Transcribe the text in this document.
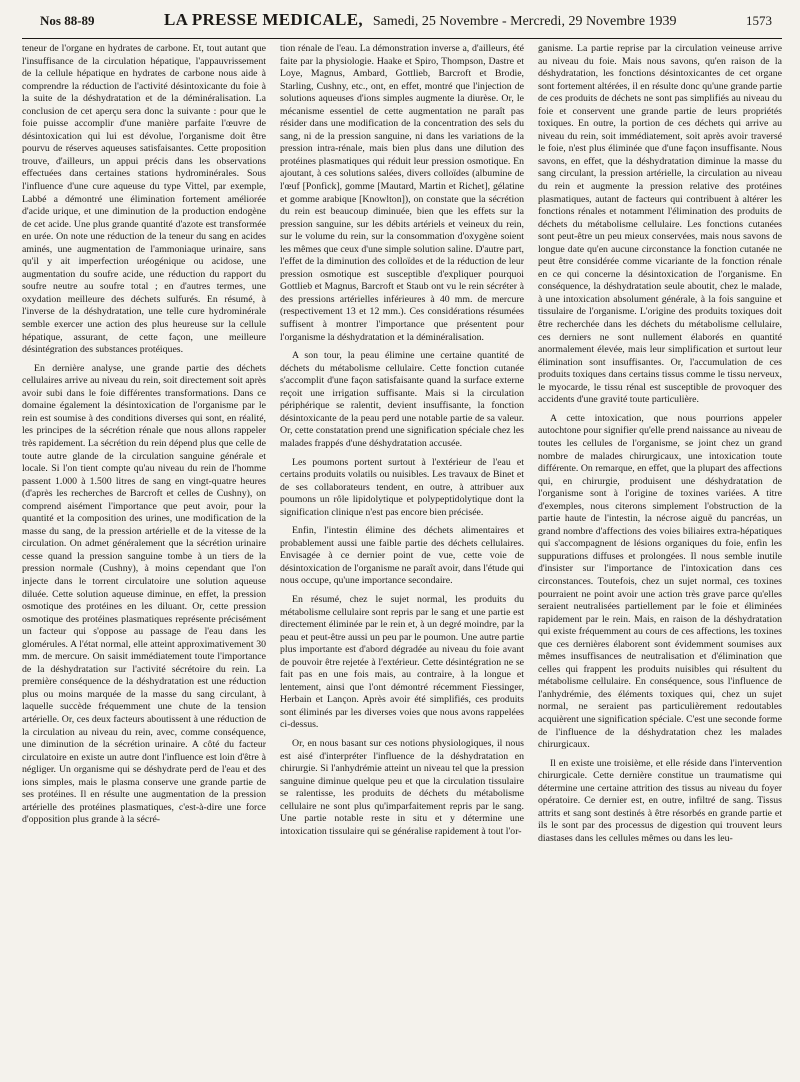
Nos 88-89	LA PRESSE MEDICALE, Samedi, 25 Novembre - Mercredi, 29 Novembre 1939	1573

teneur de l'organe en hydrates de carbone. Et, tout autant que l'insuffisance de la circulation hépatique, l'appauvrissement de la cellule hépatique en hydrates de carbone nous aide à comprendre la réduction de l'activité désintoxicante du foie à la suite de la déshydratation et de la déminéralisation. La conclusion de cet aperçu sera donc la suivante : pour que le foie puisse accomplir d'une manière parfaite l'œuvre de désintoxication qui lui est dévolue, l'organisme doit être pourvu de réserves aqueuses satisfaisantes. Cette proposition trouve, d'ailleurs, un appui précis dans les observations effectuées dans certaines stations hydrominérales. Sous l'influence d'une cure aqueuse du type Vittel, par exemple, Labbé a démontré une élimination fortement améliorée d'acide urique, et une diminution de la production endogène de cet acide. Une plus grande quantité d'azote est transformée en urée. On note une réduction de la teneur du sang en acides aminés, une augmentation de l'ammoniaque urinaire, sans qu'il y ait imperfection uréogénique ou acidose, une augmentation du soufre acide, une réduction du rapport du soufre neutre au soufre total ; en d'autres termes, une oxydation meilleure des déchets sulfurés. En résumé, à l'inverse de la déshydratation, une telle cure hydrominérale semble exercer une action des plus heureuse sur la cellule hépatique, assurant, de cette façon, une meilleure désintégration des substances protéiques.

En dernière analyse, une grande partie des déchets cellulaires arrive au niveau du rein, soit directement soit après avoir subi dans le foie différentes transformations. Dans ce domaine également la désintoxication de l'organisme par le rein est soumise à des conditions diverses qui sont, en réalité, les principes de la sécrétion rénale que nous allons rappeler très rapidement. La sécrétion du rein dépend plus que celle de toute autre glande de la circulation sanguine générale et locale. Si l'on tient compte qu'au niveau du rein de l'homme passent 1.000 à 1.500 litres de sang en vingt-quatre heures (d'après les recherches de Barcroft et celles de Cushny), on comprend aisément l'importance que peut avoir, pour la quantité et la composition des urines, une modification de la masse du sang, de la pression artérielle et de la vitesse de la circulation. On admet généralement que la sécrétion urinaire cesse quand la pression sanguine tombe à un tiers de la pression normale (Cushny), à moins cependant que l'on injecte dans le torrent circulatoire une solution aqueuse diluée. Cette solution aqueuse diminue, en effet, la pression osmotique des protéines en les diluant. Or, cette pression osmotique des protéines plasmatiques représente précisément un facteur qui s'oppose au passage de l'eau dans les glomérules. A l'état normal, elle atteint approximativement 30 mm. de mercure. On saisit immédiatement toute l'importance de la déshydratation sur l'activité sécrétoire du rein. La première conséquence de la déshydratation est une réduction plus ou moins marquée de la masse du sang circulant, à laquelle succède fréquemment une chute de la tension artérielle. Or, ces deux facteurs aboutissent à une réduction de la circulation au niveau du rein, avec, comme conséquence, une diminution de la sécrétion urinaire. A côté du facteur circulatoire en existe un autre dont l'influence est loin d'être à négliger. Un organisme qui se déshydrate perd de l'eau et des ions simples, mais le plasma conserve une grande partie de ses protéines. Il en résulte une augmentation de la pression artérielle des protéines plasmatiques, c'est-à-dire une force d'opposition plus grande à la sécré-

tion rénale de l'eau. La démonstration inverse a, d'ailleurs, été faite par la physiologie. Haake et Spiro, Thompson, Dastre et Loye, Magnus, Ambard, Gottlieb, Barcroft et Brodie, Starling, Cushny, etc., ont, en effet, montré que l'injection de solutions aqueuses d'ions simples augmente la diurèse. Or, le mécanisme essentiel de cette augmentation ne paraît pas résider dans une modification de la concentration des sels du sang, ni de la pression sanguine, ni dans les variations de la pression intra-rénale, mais bien plus dans une dilution des protéines plasmatiques qui réduit leur pression osmotique. En ajoutant, à ces solutions salées, divers colloïdes (albumine de l'œuf [Ponfick], gomme [Mautard, Martin et Richet], gélatine et gomme arabique [Knowlton]), on constate que la sécrétion du rein est beaucoup diminuée, bien que les effets sur la pression sanguine, sur les débits artériels et veineux du rein, sur le volume du rein, sur la consommation d'oxygène soient les mêmes que ceux d'une simple solution saline. D'autre part, l'effet de la diminution des colloïdes et de la réduction de leur pression osmotique est susceptible d'expliquer pourquoi Gottlieb et Magnus, Barcroft et Staub ont vu le rein sécréter à des pressions artérielles inférieures à 40 mm. de mercure (respectivement 13 et 12 mm.). Ces considérations résumées suffisent à montrer l'importance que présentent pour l'organisme la déshydratation et la déminéralisation.

A son tour, la peau élimine une certaine quantité de déchets du métabolisme cellulaire. Cette fonction cutanée s'accomplit d'une façon satisfaisante quand la surface externe reçoit une irrigation suffisante. Mais si la circulation périphérique se ralentit, devient insuffisante, la fonction désintoxicante de la peau perd une notable partie de sa valeur. Or, cette constatation prend une signification spéciale chez les malades frappés d'une déshydratation accusée.

Les poumons portent surtout à l'extérieur de l'eau et certains produits volatils ou nuisibles. Les travaux de Binet et de ses collaborateurs tendent, en outre, à attribuer aux poumons un rôle lipidolytique et polypeptidolytique dont la signification clinique n'est pas encore bien précisée.

Enfin, l'intestin élimine des déchets alimentaires et probablement aussi une faible partie des déchets cellulaires. Envisagée à ce dernier point de vue, cette voie de désintoxication de l'organisme ne paraît avoir, dans l'étude qui nous occupe, qu'une importance secondaire.

En résumé, chez le sujet normal, les produits du métabolisme cellulaire sont repris par le sang et une partie est directement éliminée par le rein et, à un degré moindre, par la peau et peut-être aussi un peu par le poumon. Une autre partie plus importante est d'abord dégradée au niveau du foie avant de pouvoir être rejetée à l'extérieur. Cette désintégration ne se fait pas en une fois mais, au contraire, à la longue et lentement, ainsi que l'ont démontré récemment Fiessinger, Herbain et Lançon. Après avoir été simplifiés, ces produits sont éliminés par les diverses voies que nous avons rappelées ci-dessus.

Or, en nous basant sur ces notions physiologiques, il nous est aisé d'interpréter l'influence de la déshydratation en chirurgie. Si l'anhydrémie atteint un niveau tel que la pression sanguine diminue quelque peu et que la circulation tissulaire se ralentisse, les produits de déchets du métabolisme cellulaire ne sont plus qu'imparfaitement repris par le sang. Une partie notable reste in situ et y détermine une intoxication tissulaire qui se généralise rapidement à tout l'or-

ganisme. La partie reprise par la circulation veineuse arrive au niveau du foie. Mais nous savons, qu'en raison de la déshydratation, les fonctions désintoxicantes de cet organe sont fortement altérées, il en résulte donc qu'une grande partie de ces produits de déchets ne sont pas simplifiés au niveau du foie et conservent une grande partie de leurs propriétés toxiques. En outre, la portion de ces déchets qui arrive au niveau du rein, soit immédiatement, soit après avoir traversé le foie, n'est plus éliminée que d'une façon insuffisante. Nous savons, en effet, que la déshydratation diminue la masse du sang circulant, la pression artérielle, la circulation au niveau du rein et augmente la pression relative des protéines plasmatiques, autant de facteurs qui contribuent à altérer les fonctions rénales et notamment l'élimination des produits de déchets du métabolisme cellulaire. Les fonctions cutanées sont peut-être un peu mieux conservées, mais nous savons de longue date qu'en aucune circonstance la fonction cutanée ne peut être considérée comme vicariante de la fonction rénale en ce qui concerne la désintoxication de l'organisme. En conséquence, la déshydratation seule aboutit, chez le malade, à une intoxication absolument générale, à la fois sanguine et tissulaire de l'organisme. L'origine des produits toxiques doit être recherchée dans les déchets du métabolisme cellulaire, ces derniers ne sont nullement élaborés en quantité anormalement élevée, mais leur simplification et surtout leur élimination sont insuffisantes. Or, l'accumulation de ces produits toxiques dans certains tissus comme le tissu nerveux, le myocarde, le tissu rénal est susceptible de provoquer des accidents d'une gravité toute particulière.

A cette intoxication, que nous pourrions appeler autochtone pour signifier qu'elle prend naissance au niveau de toutes les cellules de l'organisme, se joint chez un grand nombre de malades chirurgicaux, une intoxication toute différente. On remarque, en effet, que la plupart des affections qui, en chirurgie, produisent une déshydratation de l'organisme sont à l'origine de toxines variées. A titre d'exemples, nous citerons simplement l'obstruction de la partie haute de l'intestin, la nécrose aiguë du pancréas, un grand nombre d'affections des voies biliaires extra-hépatiques qui s'accompagnent de lésions organiques du foie, enfin les suppurations diffuses et prolongées. Il nous semble inutile d'insister sur l'importance de l'intoxication dans ces circonstances. Toutefois, chez un sujet normal, ces toxines pourraient ne point avoir une action très grave parce qu'elles seraient neutralisées partiellement par le foie et éliminées rapidement par le rein. Mais, en raison de la déshydratation qui existe fréquemment au cours de ces affections, les toxines que ces dernières élaborent sont évidemment soumises aux mêmes insuffisances de neutralisation et d'élimination que celles qui frappent les produits nuisibles qui résultent du métabolisme cellulaire. En conséquence, sous l'influence de l'anhydrémie, des éléments toxiques qui, chez un sujet normal, ne seraient pas particulièrement redoutables acquièrent une signification spéciale. C'est une seconde forme de l'influence de la déshydratation chez les malades chirurgicaux.

Il en existe une troisième, et elle réside dans l'intervention chirurgicale. Cette dernière constitue un traumatisme qui détermine une certaine attrition des tissus au niveau du foyer opératoire. Ce dernier est, en outre, infiltré de sang. Tissus attrits et sang sont destinés à être résorbés en grande partie et ils le sont par des processus de digestion qui trouvent leurs diastases dans les cellules mêmes ou dans les leu-
